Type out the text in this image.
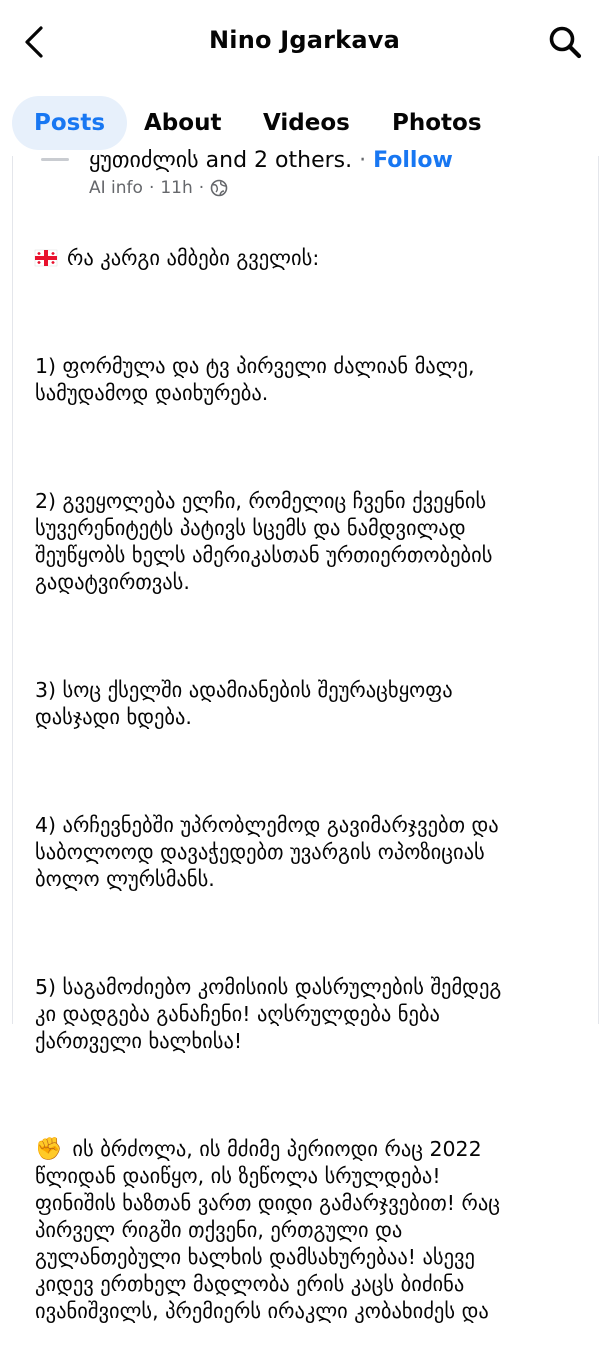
Nino Jgarkava
Posts	About Videos Photos
ყუთიძლის and 2 others. · Follow
AI info · 11h ·

რა კარგი ამბები გველის:

1) ფორმულა და ტვ პირველი ძალიან მალე,
სამუდამოდ დაიხურება.

2) გვეყოლება ელჩი, რომელიც ჩვენი ქვეყნის
სუვერენიტეტს პატივს სცემს და ნამდვილად
შეუწყობს ხელს ამერიკასთან ურთიერთობების
გადატვირთვას.

3) სოც ქსელში ადამიანების შეურაცხყოფა
დასჯადი ხდება.

4) არჩევნებში უპრობლემოდ გავიმარჯვებთ და
საბოლოოდ დავაჭედებთ უვარგის ოპოზიციას
ბოლო ლურსმანს.

5) საგამოძიებო კომისიის დასრულების შემდეგ
კი დადგება განაჩენი! აღსრულდება ნება
ქართველი ხალხისა!

✊ ის ბრძოლა, ის მძიმე პერიოდი რაც 2022
წლიდან დაიწყო, ის ზეწოლა სრულდება!
ფინიშის ხაზთან ვართ დიდი გამარჯვებით! რაც
პირველ რიგში თქვენი, ერთგული და
გულანთებული ხალხის დამსახურებაა! ასევე
კიდევ ერთხელ მადლობა ერის კაცს ბიძინა
ივანიშვილს, პრემიერს ირაკლი კობახიძეს და
